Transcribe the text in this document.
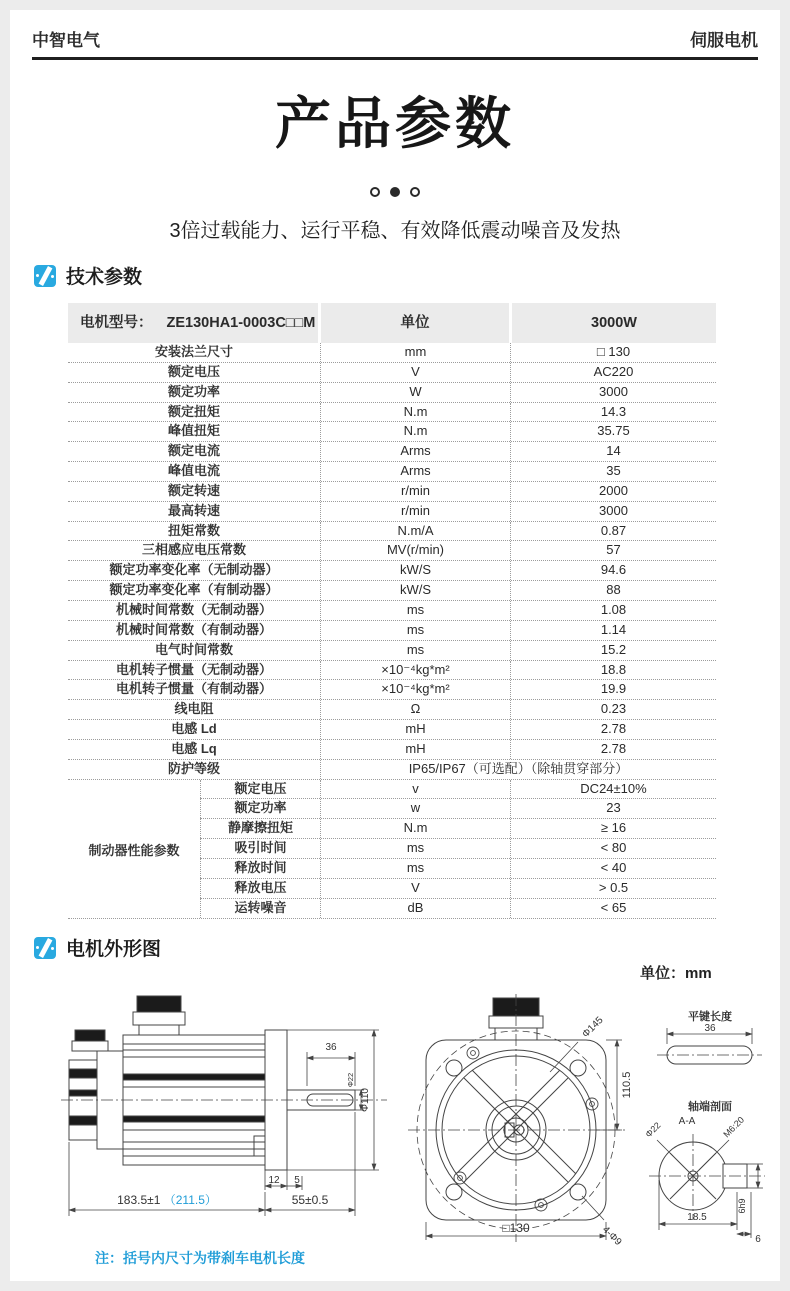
中智电气	伺服电机
产品参数
3倍过载能力、运行平稳、有效降低震动噪音及发热
技术参数
电机型号： ZE130HA1-0003C□□M	单位	3000W
安装法兰尺寸	mm	□ 130
额定电压	V	AC220
额定功率	W	3000
额定扭矩	N.m	14.3
峰值扭矩	N.m	35.75
额定电流	Arms	14
峰值电流	Arms	35
额定转速	r/min	2000
最高转速	r/min	3000
扭矩常数	N.m/A	0.87
三相感应电压常数	MV(r/min)	57
额定功率变化率（无制动器）	kW/S	94.6
额定功率变化率（有制动器）	kW/S	88
机械时间常数（无制动器）	ms	1.08
机械时间常数（有制动器）	ms	1.14
电气时间常数	ms	15.2
电机转子惯量（无制动器）	×10⁻⁴kg*m²	18.8
电机转子惯量（有制动器）	×10⁻⁴kg*m²	19.9
线电阻	Ω	0.23
电感 Ld	mH	2.78
电感 Lq	mH	2.78
防护等级	IP65/IP67（可选配）（除轴贯穿部分）
制动器性能参数
额定电压	v	DC24±10%
额定功率	w	23
静摩擦扭矩	N.m	≥ 16
吸引时间	ms	< 80
释放时间	ms	< 40
释放电压	V	> 0.5
运转噪音	dB	< 65
电机外形图
单位：mm
36
Φ110
Φ22
12 5
183.5±1 （211.5）	55±0.5
Φ145
110.5
4-Φ9
□130
平键长度
36
轴端剖面
A-A
Φ22	M6:20
6h9
18.5
6
注：括号内尺寸为带刹车电机长度
